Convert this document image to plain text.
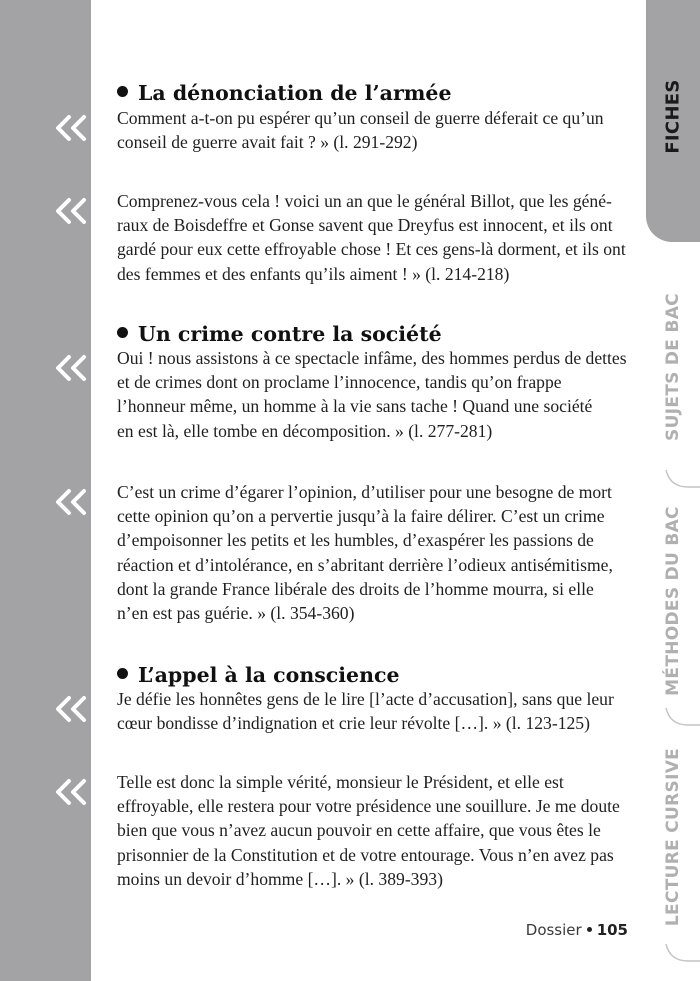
La dénonciation de l’armée
Comment a-t-on pu espérer qu’un conseil de guerre déferait ce qu’un
conseil de guerre avait fait ? » (l. 291-292)
Comprenez-vous cela ! voici un an que le général Billot, que les géné-
raux de Boisdeffre et Gonse savent que Dreyfus est innocent, et ils ont
gardé pour eux cette effroyable chose ! Et ces gens-là dorment, et ils ont
des femmes et des enfants qu’ils aiment ! » (l. 214-218)
Un crime contre la société
Oui ! nous assistons à ce spectacle infâme, des hommes perdus de dettes
et de crimes dont on proclame l’innocence, tandis qu’on frappe
l’honneur même, un homme à la vie sans tache ! Quand une société
en est là, elle tombe en décomposition. » (l. 277-281)
C’est un crime d’égarer l’opinion, d’utiliser pour une besogne de mort
cette opinion qu’on a pervertie jusqu’à la faire délirer. C’est un crime
d’empoisonner les petits et les humbles, d’exaspérer les passions de
réaction et d’intolérance, en s’abritant derrière l’odieux antisémitisme,
dont la grande France libérale des droits de l’homme mourra, si elle
n’en est pas guérie. » (l. 354-360)
L’appel à la conscience
Je défie les honnêtes gens de le lire [l’acte d’accusation], sans que leur
cœur bondisse d’indignation et crie leur révolte […]. » (l. 123-125)
Telle est donc la simple vérité, monsieur le Président, et elle est
effroyable, elle restera pour votre présidence une souillure. Je me doute
bien que vous n’avez aucun pouvoir en cette affaire, que vous êtes le
prisonnier de la Constitution et de votre entourage. Vous n’en avez pas
moins un devoir d’homme […]. » (l. 389-393)
FICHES
SUJETS DE BAC
MÉTHODES DU BAC
LECTURE CURSIVE
Dossier 105
